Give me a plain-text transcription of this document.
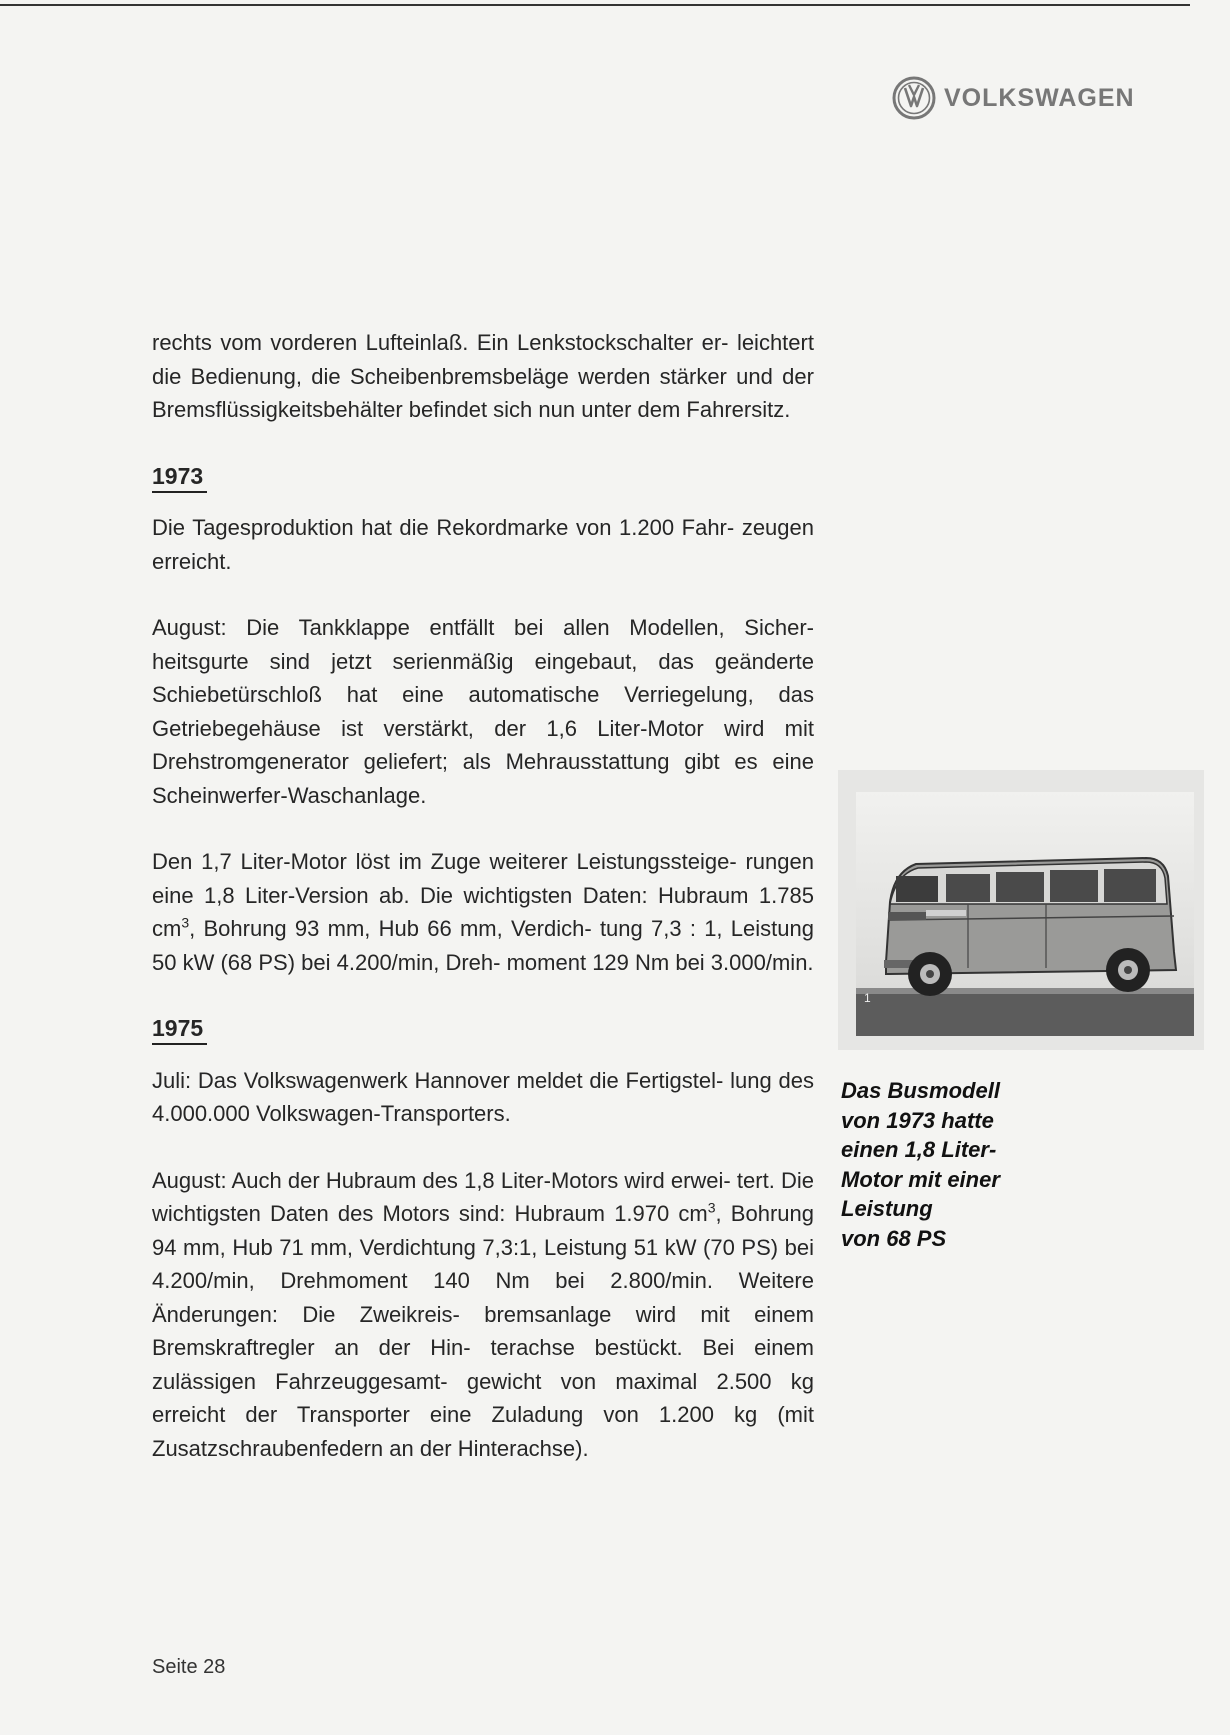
VOLKSWAGEN

rechts vom vorderen Lufteinlaß. Ein Lenkstockschalter er- leichtert die Bedienung, die Scheibenbremsbeläge werden stärker und der Bremsflüssigkeitsbehälter befindet sich nun unter dem Fahrersitz.

1973

Die Tagesproduktion hat die Rekordmarke von 1.200 Fahr- zeugen erreicht.

August: Die Tankklappe entfällt bei allen Modellen, Sicher- heitsgurte sind jetzt serienmäßig eingebaut, das geänderte Schiebetürschloß hat eine automatische Verriegelung, das Getriebegehäuse ist verstärkt, der 1,6 Liter-Motor wird mit Drehstromgenerator geliefert; als Mehrausstattung gibt es eine Scheinwerfer-Waschanlage.

Den 1,7 Liter-Motor löst im Zuge weiterer Leistungssteige- rungen eine 1,8 Liter-Version ab. Die wichtigsten Daten: Hubraum 1.785 $cm^3$, Bohrung 93 mm, Hub 66 mm, Verdich- tung 7,3 : 1, Leistung 50 kW (68 PS) bei 4.200/min, Dreh- moment 129 Nm bei 3.000/min.

1975

Juli: Das Volkswagenwerk Hannover meldet die Fertigstel- lung des 4.000.000 Volkswagen-Transporters.

August: Auch der Hubraum des 1,8 Liter-Motors wird erwei- tert. Die wichtigsten Daten des Motors sind: Hubraum 1.970 $cm^3$, Bohrung 94 mm, Hub 71 mm, Verdichtung 7,3:1, Leistung 51 kW (70 PS) bei 4.200/min, Drehmoment 140 Nm bei 2.800/min. Weitere Änderungen: Die Zweikreis- bremsanlage wird mit einem Bremskraftregler an der Hin- terachse bestückt. Bei einem zulässigen Fahrzeuggesamt- gewicht von maximal 2.500 kg erreicht der Transporter eine Zuladung von 1.200 kg (mit Zusatzschraubenfedern an der Hinterachse).

1
Das Busmodell
von 1973 hatte
einen 1,8 Liter-
Motor mit einer
Leistung
von 68 PS
Seite 28
